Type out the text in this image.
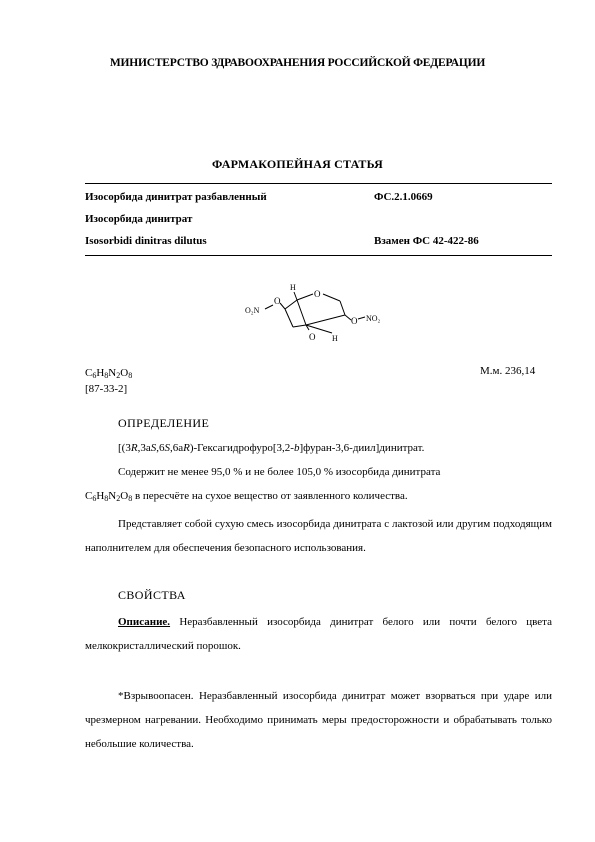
МИНИСТЕРСТВО ЗДРАВООХРАНЕНИЯ РОССИЙСКОЙ ФЕДЕРАЦИИ
ФАРМАКОПЕЙНАЯ СТАТЬЯ
Изосорбида динитрат разбавленный	ФС.2.1.0669
Изосорбида динитрат
Isosorbidi dinitras dilutus	Взамен ФС 42-422-86
O
O₂N
O
O
H
H
O NO₂
$C_6H_8N_2O_8$
[87-33-2]
М.м. 236,14
ОПРЕДЕЛЕНИЕ
[(3R,3aS,6S,6aR)-Гексагидрофуро[3,2-b]фуран-3,6-диил]динитрат.
Содержит не менее 95,0 % и не более 105,0 % изосорбида динитрата
$C_6H_8N_2O_8$ в пересчёте на сухое вещество от заявленного количества.
Представляет собой сухую смесь изосорбида динитрата с лактозой или другим подходящим наполнителем для обеспечения безопасного использования.
СВОЙСТВА
Описание. Неразбавленный изосорбида динитрат белого или почти белого цвета мелкокристаллический порошок.
*Взрывоопасен. Неразбавленный изосорбида динитрат может взорваться при ударе или чрезмерном нагревании. Необходимо принимать меры предосторожности и обрабатывать только небольшие количества.
